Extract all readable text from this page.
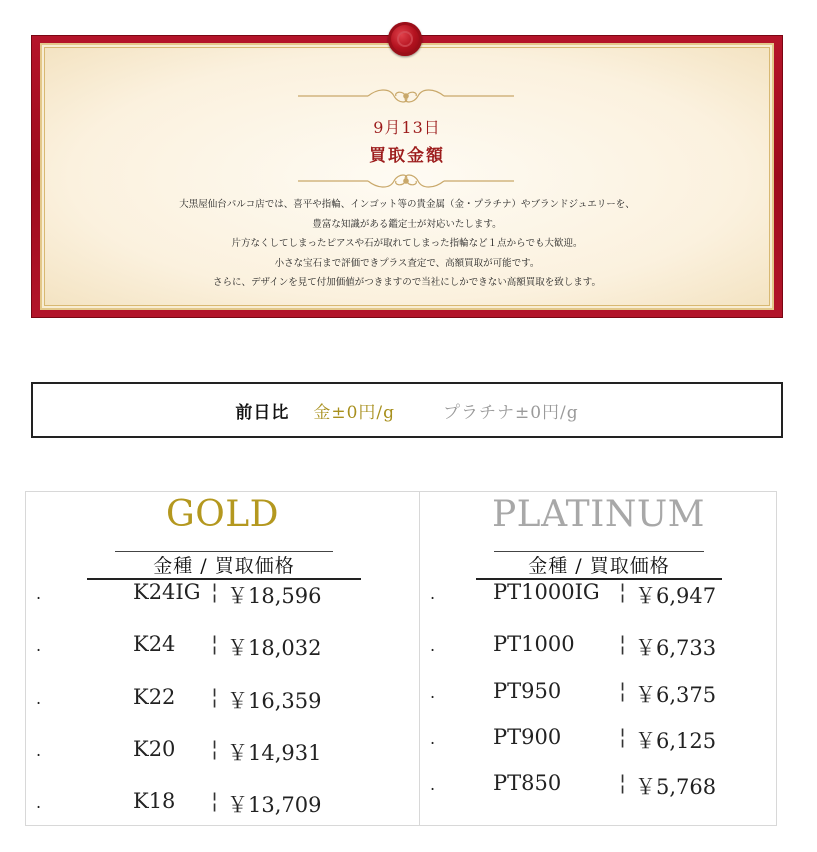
9月13日
買取金額
大黒屋仙台パルコ店では、喜平や指輪、インゴット等の貴金属（金・プラチナ）やブランドジュエリーを、
豊富な知識がある鑑定士が対応いたします。
片方なくしてしまったピアスや石が取れてしまった指輪など１点からでも大歓迎。
小さな宝石まで評価できプラス査定で、高額買取が可能です。
さらに、デザインを見て付加価値がつきますので当社にしかできない高額買取を致します。
前日比 金±0円/g	プラチナ±0円/g
GOLD
金種 / 買取価格
.	K24IG ¦ ￥18,596
.	K24 ¦ ￥18,032
.	K22 ¦ ￥16,359
.	K20 ¦ ￥14,931
.	K18 ¦ ￥13,709
PLATINUM
金種 / 買取価格
.	PT1000IG ¦ ￥6,947
.	PT1000 ¦ ￥6,733
.	PT950	¦ ￥6,375
.	PT900	¦ ￥6,125
.	PT850	¦ ￥5,768
